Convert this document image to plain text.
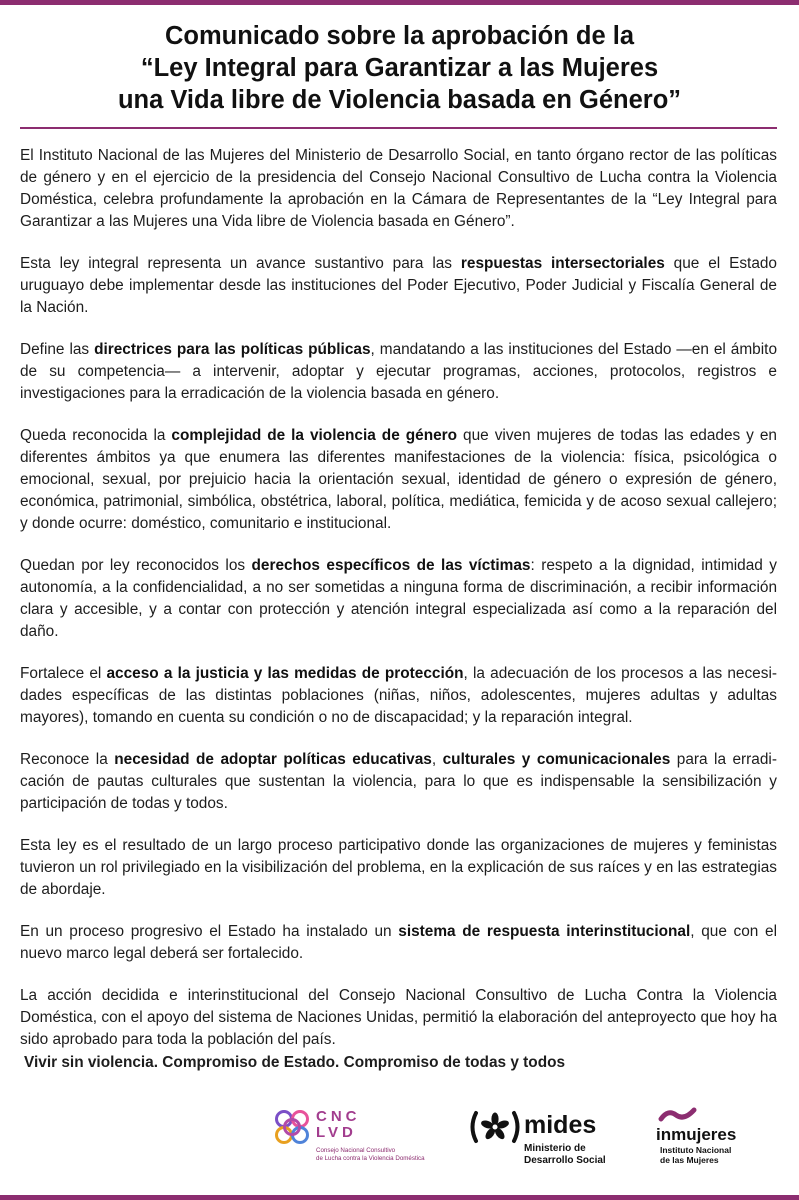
Comunicado sobre la aprobación de la
“Ley Integral para Garantizar a las Mujeres
una Vida libre de Violencia basada en Género”

El Instituto Nacional de las Mujeres del Ministerio de Desarrollo Social, en tanto órgano rector de las políticas de género y en el ejercicio de la presidencia del Consejo Nacional Consultivo de Lucha contra la Violencia Doméstica, celebra profundamente la aprobación en la Cámara de Representantes de la “Ley Integral para Garantizar a las Mujeres una Vida libre de Violencia basada en Género”.

Esta ley integral representa un avance sustantivo para las respuestas intersectoriales que el Estado uruguayo debe implementar desde las instituciones del Poder Ejecutivo, Poder Judicial y Fiscalía General de la Nación.

Define las directrices para las políticas públicas, mandatando a las instituciones del Estado —en el ámbito de su competencia— a intervenir, adoptar y ejecutar programas, acciones, protocolos, registros e investigaciones para la erradicación de la violencia basada en género.

Queda reconocida la complejidad de la violencia de género que viven mujeres de todas las edades y en diferentes ámbitos ya que enumera las diferentes manifestaciones de la violencia: física, psicológica o emocional, sexual, por prejuicio hacia la orientación sexual, identidad de género o expresión de género, económica, patrimonial, simbólica, obstétrica, laboral, política, mediática, femicida y de acoso sexual callejero; y donde ocurre: doméstico, comunitario e institucional.

Quedan por ley reconocidos los derechos específicos de las víctimas: respeto a la dignidad, intimidad y autonomía, a la confidencialidad, a no ser sometidas a ninguna forma de discriminación, a recibir información clara y accesible, y a contar con protección y atención integral especializada así como a la reparación del daño.

Fortalece el acceso a la justicia y las medidas de protección, la adecuación de los procesos a las necesidades específicas de las distintas poblaciones (niñas, niños, adolescentes, mujeres adultas y adultas mayores), tomando en cuenta su condición o no de discapacidad; y la reparación integral.

Reconoce la necesidad de adoptar políticas educativas, culturales y comunicacionales para la erradicación de pautas culturales que sustentan la violencia, para lo que es indispensable la sensibilización y participación de todas y todos.

Esta ley es el resultado de un largo proceso participativo donde las organizaciones de mujeres y feministas tuvieron un rol privilegiado en la visibilización del problema, en la explicación de sus raíces y en las estrategias de abordaje.

En un proceso progresivo el Estado ha instalado un sistema de respuesta interinstitucional, que con el nuevo marco legal deberá ser fortalecido.

La acción decidida e interinstitucional del Consejo Nacional Consultivo de Lucha Contra la Violencia Doméstica, con el apoyo del sistema de Naciones Unidas, permitió la elaboración del anteproyecto que hoy ha sido aprobado para toda la población del país.

Vivir sin violencia. Compromiso de Estado. Compromiso de todas y todos
CNC
LVD
Consejo Nacional Consultivo
de Lucha contra la Violencia Doméstica
mides
Ministerio de
Desarrollo Social
inmujeres
Instituto Nacional
de las Mujeres
